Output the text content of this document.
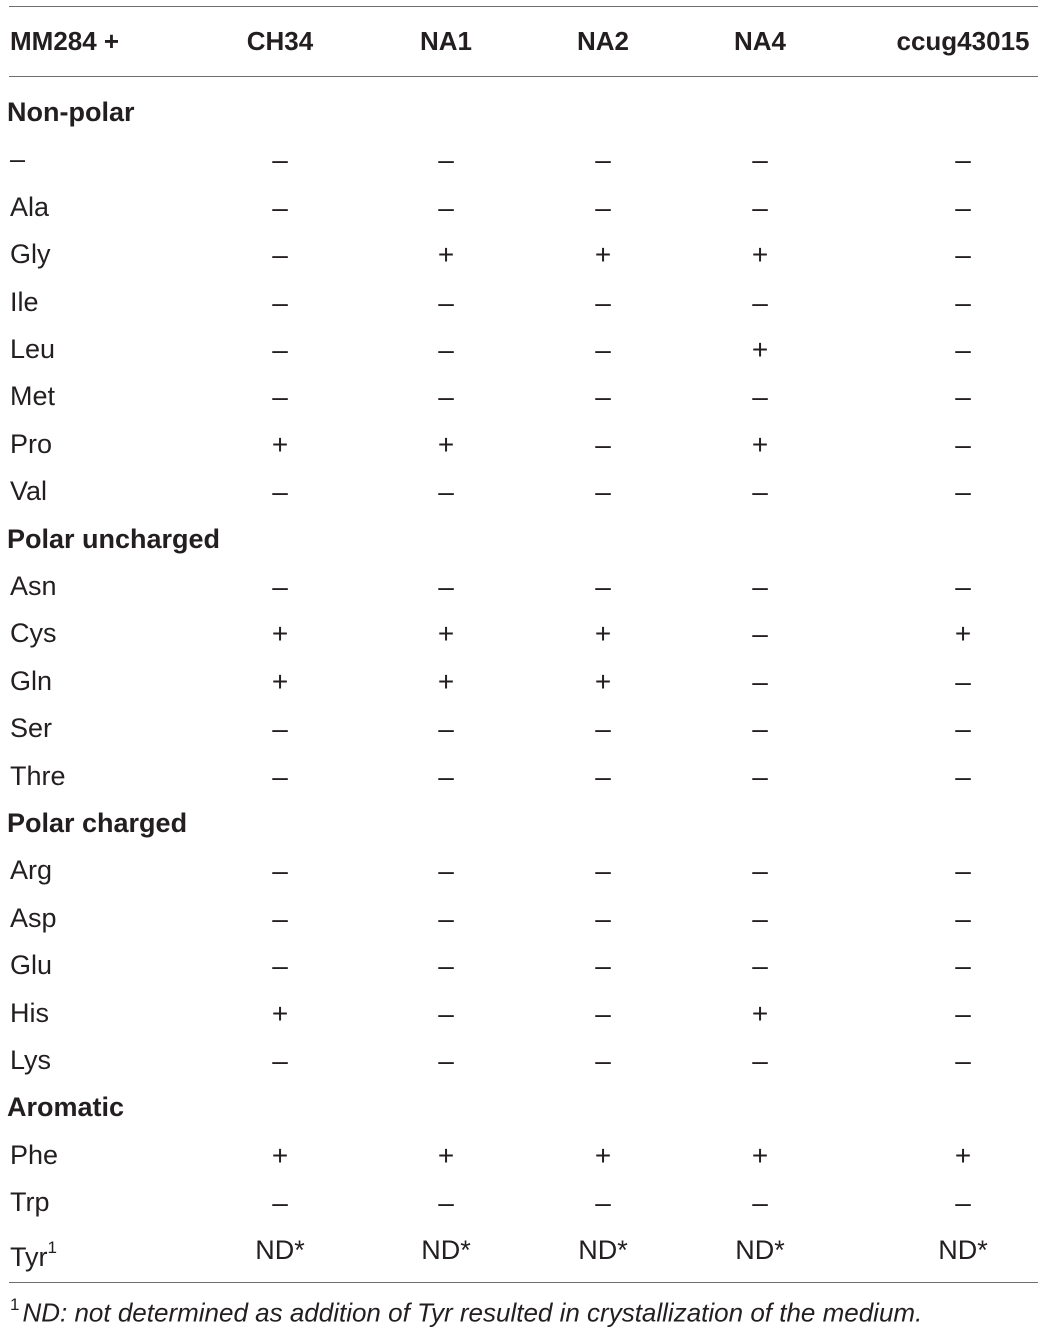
MM284 +	CH34	NA1	NA2	NA4	ccug43015
Non-polar
–	–	–	–	–	–
Ala	–	–	–	–	–
Gly	–	+	+	+	–
Ile	–	–	–	–	–
Leu	–	–	–	+	–
Met	–	–	–	–	–
Pro	+	+	–	+	–
Val	–	–	–	–	–
Polar uncharged
Asn	–	–	–	–	–
Cys	+	+	+	–	+
Gln	+	+	+	–	–
Ser	–	–	–	–	–
Thre	–	–	–	–	–
Polar charged
Arg	–	–	–	–	–
Asp	–	–	–	–	–
Glu	–	–	–	–	–
His	+	–	–	+	–
Lys	–	–	–	–	–
Aromatic
Phe	+	+	+	+	+
Trp	–	–	–	–	–
Tyr$^1$	ND*	ND*	ND*	ND*	ND*
$^1$ ND: not determined as addition of Tyr resulted in crystallization of the medium.
